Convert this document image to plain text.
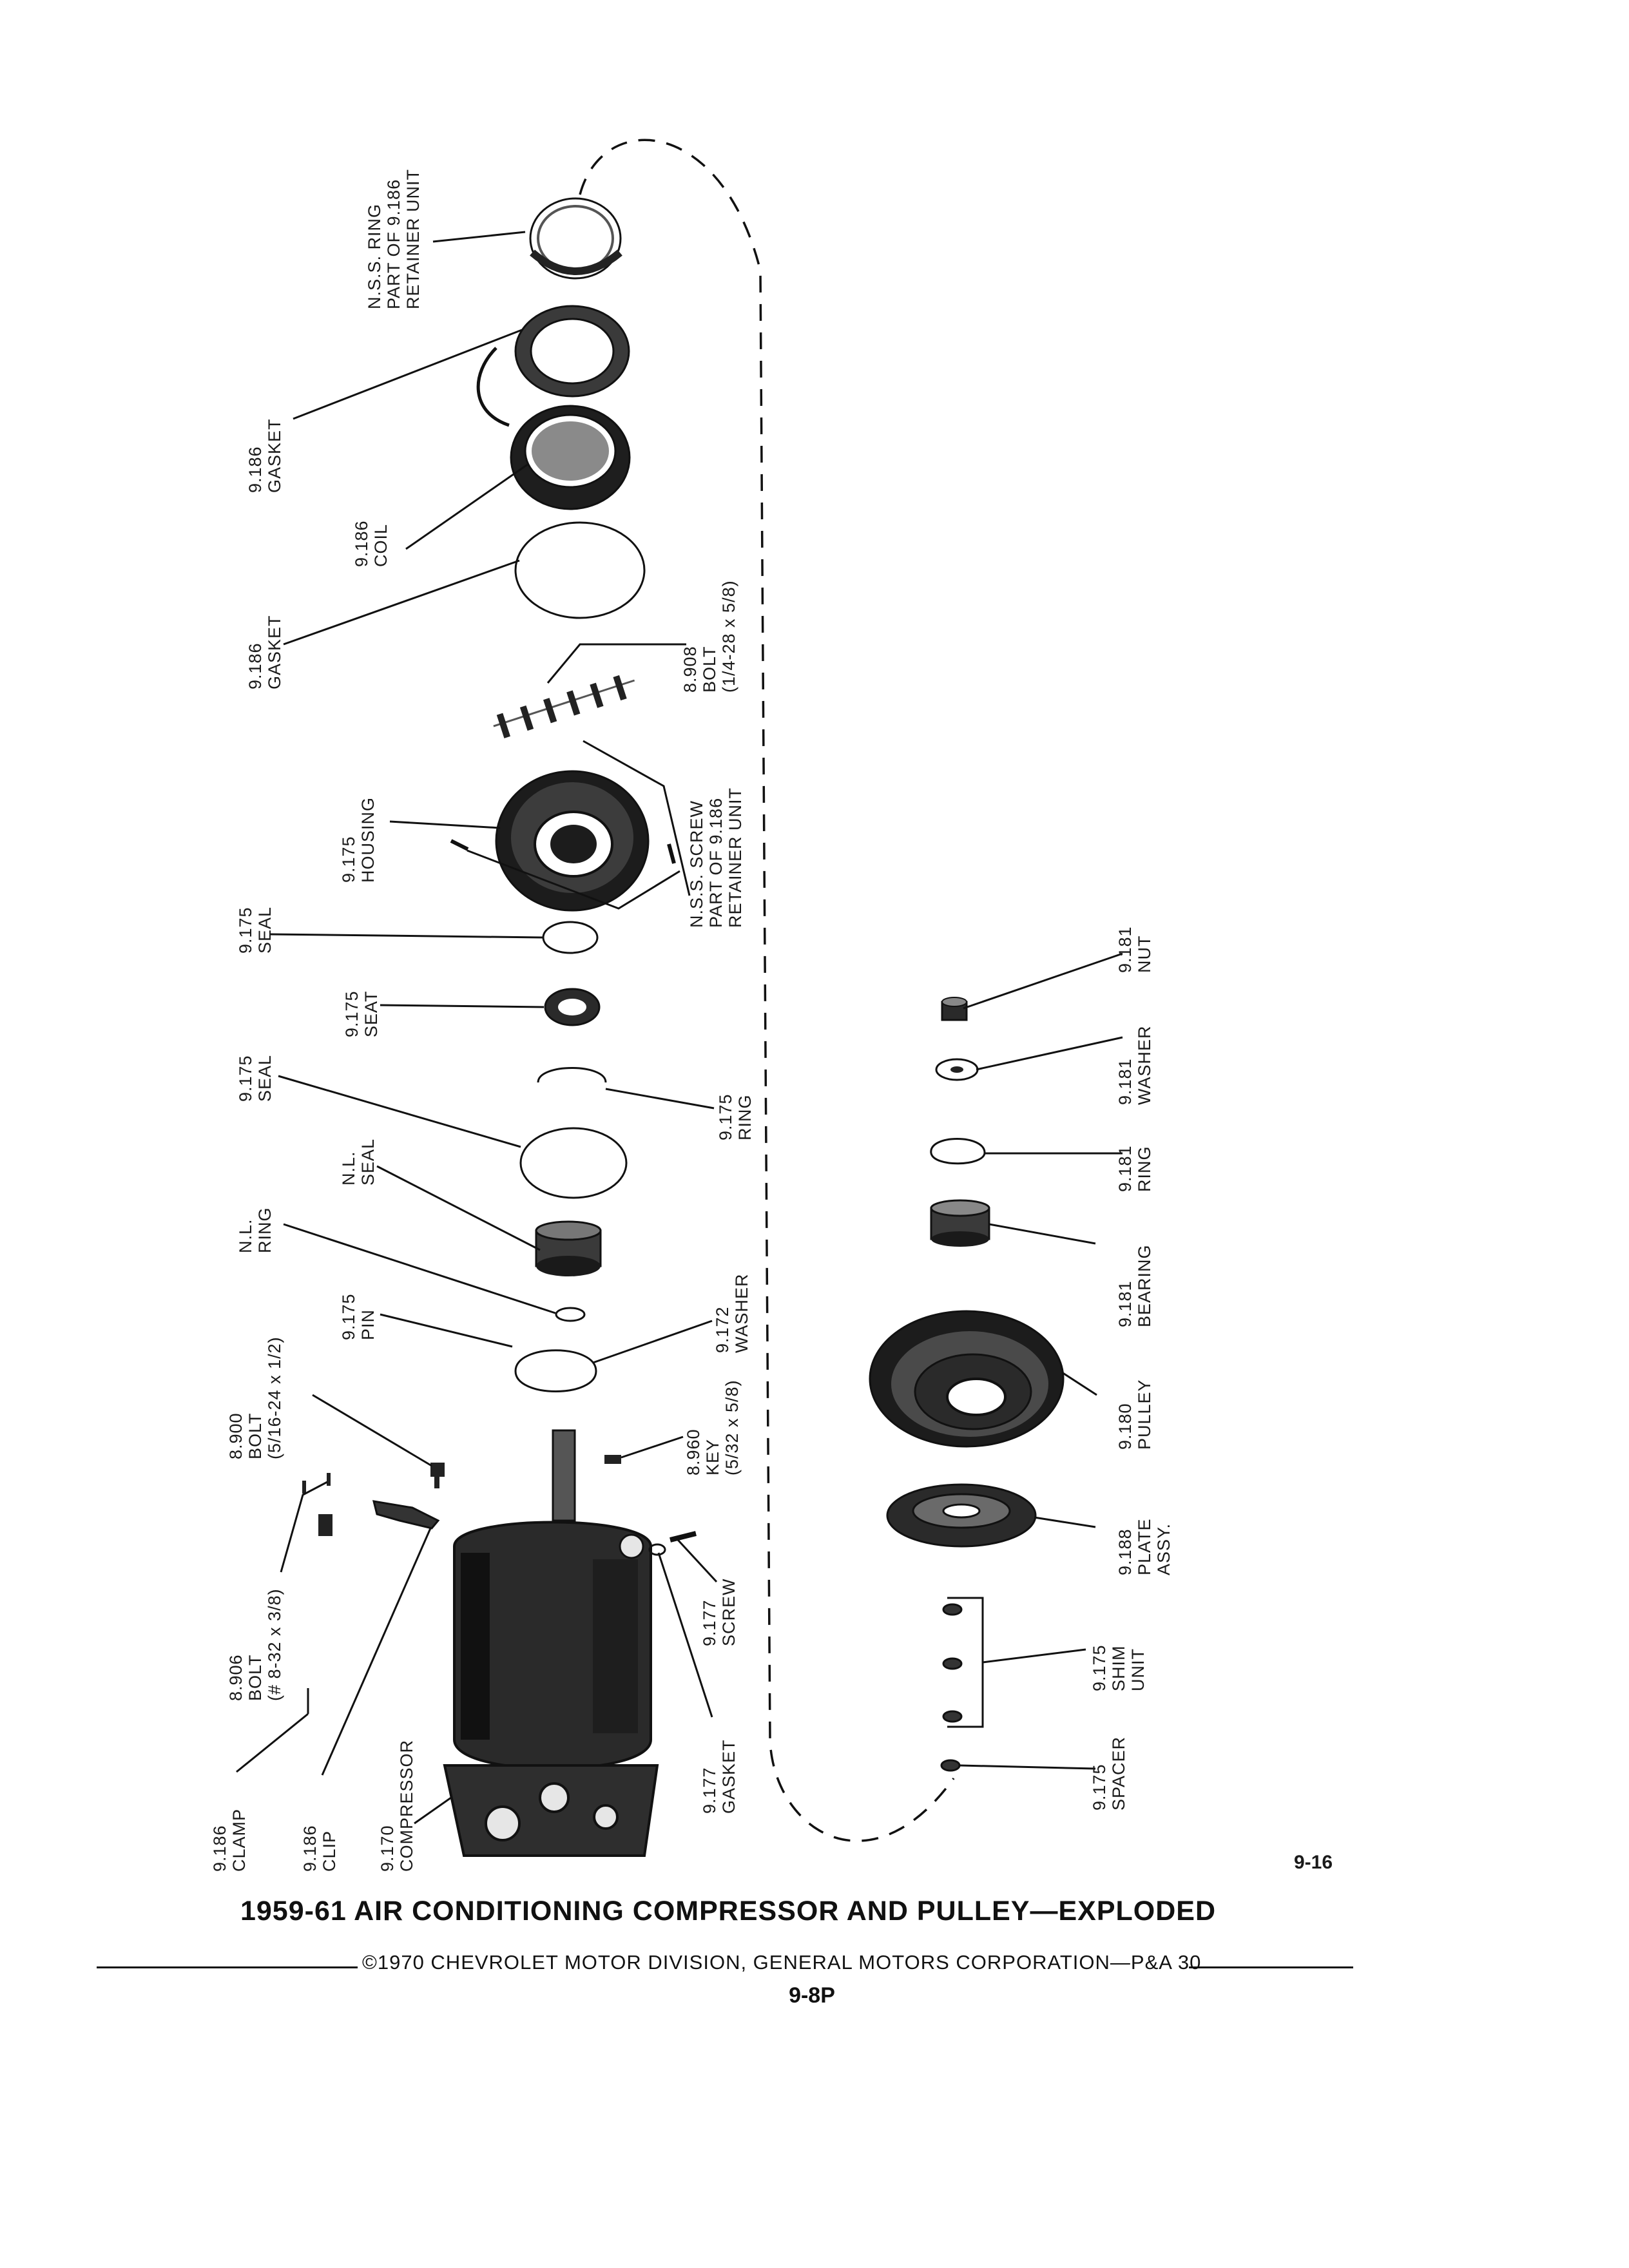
N.S.S. RING PART OF 9.186 RETAINER UNIT
9.186 GASKET
9.186 COIL
9.186 GASKET	8.908 BOLT (1/4-28 x 5/8)
9.175 HOUSING	N.S.S. SCREW PART OF 9.186 RETAINER UNIT
9.175 SEAL
9.175 SEAT
9.175 SEAL
9.175 RING
N.L. SEAL
N.L. RING
9.175 PIN	9.172 WASHER
8.900 BOLT (5/16-24 x 1/2)	8.960 KEY (5/32 x 5/8)
8.906 BOLT (# 8-32 x 3/8)	9.177 SCREW
9.177 GASKET
9.186 CLAMP	9.186 CLIP 9.170 COMPRESSOR
9.181 NUT
9.181 WASHER
9.181 RING
9.181 BEARING
9.180 PULLEY
9.188 PLATE ASSY.
9.175 SHIM UNIT
9.175 SPACER
9-16
1959-61 AIR CONDITIONING COMPRESSOR AND PULLEY—EXPLODED
©1970 CHEVROLET MOTOR DIVISION, GENERAL MOTORS CORPORATION—P&A 30
9-8P
